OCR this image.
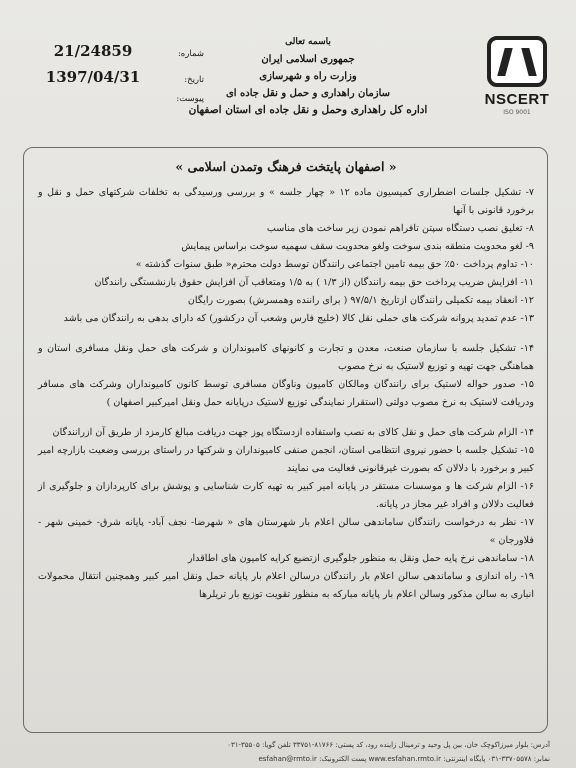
NSCERT
ISO 9001
باسمه تعالی
جمهوری اسلامی ایران
وزارت راه و شهرسازی
سازمان راهداری و حمل و نقل جاده ای
اداره کل راهداری وحمل و نقل جاده ای استان اصفهان
شماره:
21/24859
تاریخ:
1397/04/31
پیوست:
« اصفهان پایتخت فرهنگ وتمدن اسلامی »
۷- تشکیل جلسات اضطراری کمیسیون ماده ۱۲ « چهار جلسه » و بررسی ورسیدگی به تخلفات شرکتهای حمل و نقل و برخورد قانونی با آنها
۸- تعلیق نصب دستگاه سپتن تافراهم نمودن زیر ساخت های مناسب
۹- لغو محدویت منطقه بندی سوخت ولغو محدویت سقف سهمیه سوخت براساس پیمایش
۱۰- تداوم پرداخت ۵۰٪ حق بیمه تامین اجتماعی رانندگان توسط دولت محترم« طبق سنوات گذشته »
۱۱- افزایش ضریب پرداخت حق بیمه رانندگان (از ۱/۳ ) به ۱/۵ ومتعاقب آن افزایش حقوق بازنشستگی رانندگان
۱۲- انعقاد بیمه تکمیلی رانندگان ازتاریخ ۹۷/۵/۱ ( برای راننده وهمسرش) بصورت رایگان
۱۳- عدم تمدید پروانه شرکت های حملی نقل کالا (خلیج فارس وشعب آن درکشور) که دارای بدهی به رانندگان می باشد
۱۴- تشکیل جلسه با سازمان صنعت، معدن و تجارت و کانونهای کامیونداران و شرکت های حمل ونقل مسافری استان و هماهنگی جهت تهیه و توزیع لاستیک به نرخ مصوب
۱۵- صدور حواله لاستیک برای رانندگان ومالکان کامیون وناوگان مسافری توسط کانون کامیونداران وشرکت های مسافر ودریافت لاستیک به نرخ مصوب دولتی (استقرار نمایندگی توزیع لاستیک درپایانه حمل ونقل امیرکبیر اصفهان )
۱۴- الزام شرکت های حمل و نقل کالای به نصب واستفاده ازدستگاه پوز جهت دریافت مبالغ کارمزد از طریق آن ازرانندگان
۱۵- تشکیل جلسه با حضور نیروی انتظامی استان، انجمن صنفی کامیونداران و شرکتها در راستای بررسی وضعیت بازارچه امیر کبیر و برخورد با دلالان که بصورت غیرقانونی فعالیت می نمایند
۱۶- الزام شرکت ها و موسسات مستقر در پایانه امیر کبیر به تهیه کارت شناسایی و پوشش برای کارپردازان و جلوگیری از فعالیت دلالان و افراد غیر مجاز در پایانه.
۱۷- نظر به درخواست رانندگان ساماندهی سالن اعلام بار شهرستان های « شهرضا- نجف آباد- پایانه شرق- خمینی شهر - فلاورجان »
۱۸- ساماندهی نرخ پایه حمل ونقل به منظور جلوگیری ازتضیع کرایه کامیون های اطاقدار
۱۹- راه اندازی و ساماندهی سالن اعلام بار رانندگان درسالن اعلام بار پایانه حمل ونقل امیر کبیر وهمچنین انتقال محمولات انباری به سالن مذکور وسالن اعلام بار پایانه مبارکه به منظور تقویت توزیع بار تریلرها
آدرس: بلوار میرزاکوچک خان، بین پل وحید و ترمینال زاینده رود، کد پستی: ۸۱۷۶۶-۳۳۷۵۱ تلفن گویا: ۳۵۵۰۵-۰۳۱
نمابر: ۳۳۷۰۵۵۷۸-۰۳۱ پایگاه اینترنتی: www.esfahan.rmto.ir پست الکترونیک: esfahan@rmto.ir
